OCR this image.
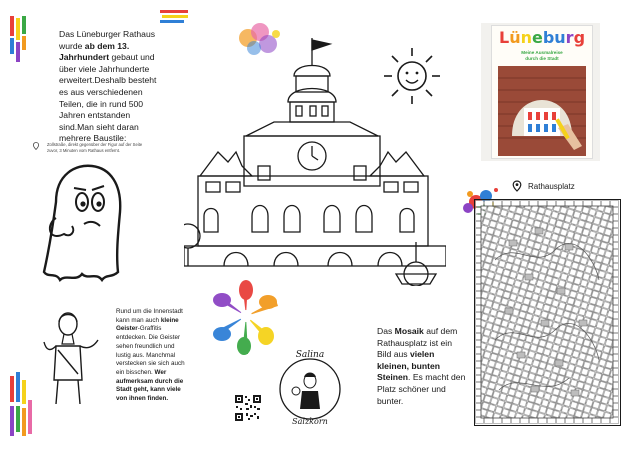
Das Lüneburger Rathaus wurde ab dem 13. Jahrhundert gebaut und über viele Jahrhunderte erweitert.Deshalb besteht es aus verschiedenen Teilen, die in rund 500 Jahren entstanden sind.Man sieht daran mehrere Baustile:
Zollstraße, direkt gegenüber der Figur auf der Seite zuvor, 3 Minuten vom Rathaus entfernt.
Rund um die Innenstadt kann man auch kleine Geister-Graffitis entdecken. Die Geister sehen freundlich und lustig aus. Manchmal verstecken sie sich auch ein bisschen. Wer aufmerksam durch die Stadt geht, kann viele von ihnen finden.
Lüneburg
Meine Ausmalreise
durch die Stadt
Rathausplatz
Salina
Salzkorn
Das Mosaik auf dem Rathausplatz ist ein Bild aus vielen kleinen, bunten Steinen. Es macht den Platz schöner und bunter.
